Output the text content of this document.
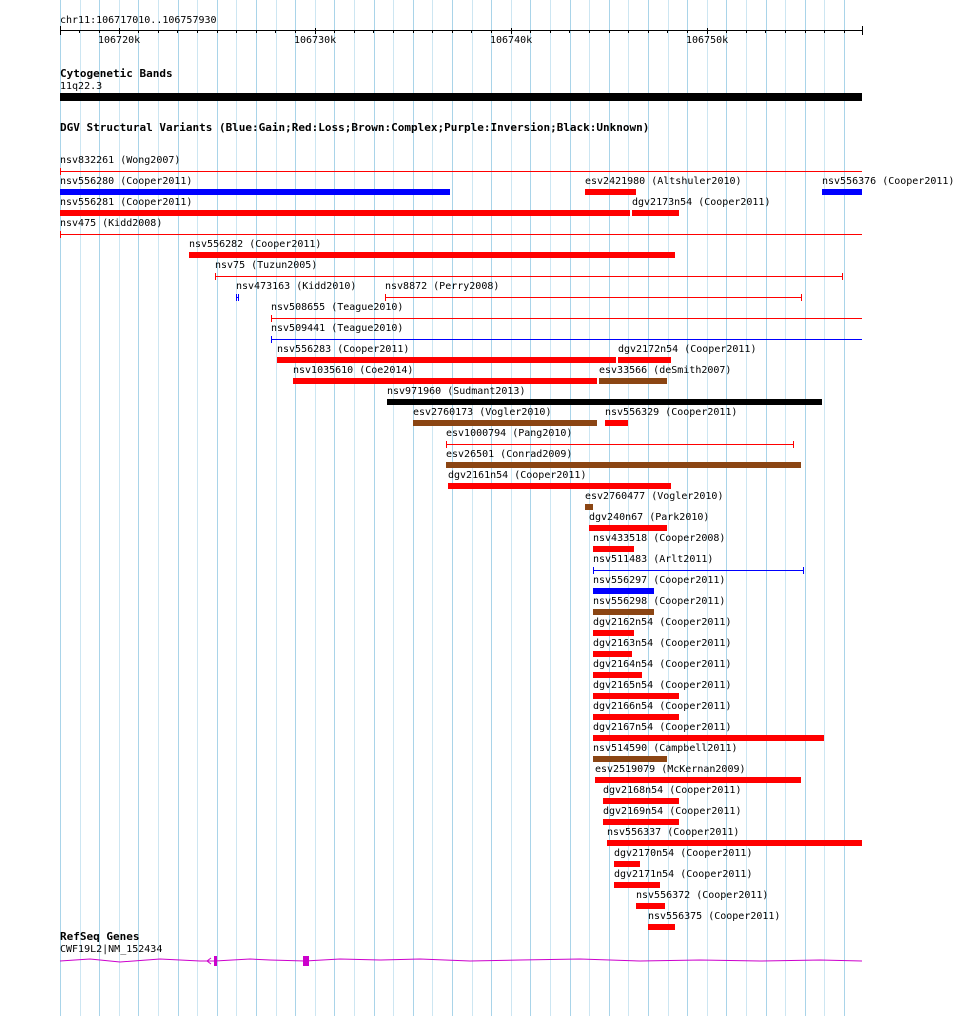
chr11:106717010..106757930
106720k	106730k	106740k	106750k
Cytogenetic Bands
11q22.3
DGV Structural Variants (Blue:Gain;Red:Loss;Brown:Complex;Purple:Inversion;Black:Unknown)
nsv832261 (Wong2007)
nsv556280 (Cooper2011)	esv2421980 (Altshuler2010)	nsv556376 (Cooper2011)
nsv556281 (Cooper2011)	dgv2173n54 (Cooper2011)
nsv475 (Kidd2008)
nsv556282 (Cooper2011)
nsv75 (Tuzun2005)
nsv473163 (Kidd2010)	nsv8872 (Perry2008)
nsv508655 (Teague2010)
nsv509441 (Teague2010)
nsv556283 (Cooper2011)	dgv2172n54 (Cooper2011)
nsv1035610 (Coe2014)	esv33566 (deSmith2007)
nsv971960 (Sudmant2013)
esv2760173 (Vogler2010)	nsv556329 (Cooper2011)
esv1000794 (Pang2010)
esv26501 (Conrad2009)
dgv2161n54 (Cooper2011)
esv2760477 (Vogler2010)
dgv240n67 (Park2010)
nsv433518 (Cooper2008)
nsv511483 (Arlt2011)
nsv556297 (Cooper2011)
nsv556298 (Cooper2011)
dgv2162n54 (Cooper2011)
dgv2163n54 (Cooper2011)
dgv2164n54 (Cooper2011)
dgv2165n54 (Cooper2011)
dgv2166n54 (Cooper2011)
dgv2167n54 (Cooper2011)
nsv514590 (Campbell2011)
esv2519079 (McKernan2009)
dgv2168n54 (Cooper2011)
dgv2169n54 (Cooper2011)
nsv556337 (Cooper2011)
dgv2170n54 (Cooper2011)
dgv2171n54 (Cooper2011)
nsv556372 (Cooper2011)
nsv556375 (Cooper2011)
RefSeq Genes
CWF19L2|NM_152434
